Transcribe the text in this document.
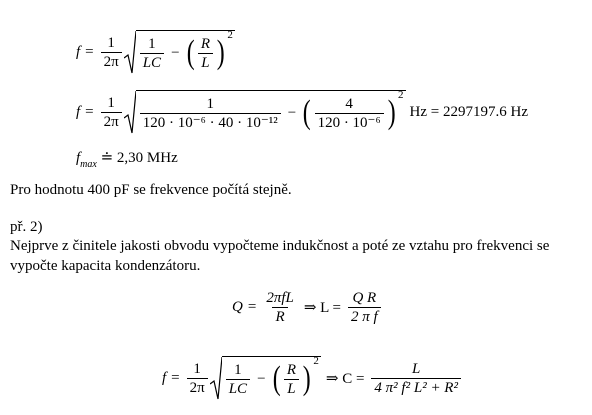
$f = \frac{1}{2\pi} \frac{1}{LC}$ − ( $\frac{R}{L}$ ) 2
$f = \frac{1}{2\pi} \frac{1}{\text{120 · 10⁻⁶ · 40 · 10⁻¹²}}$ − ( $\frac{4}{\text{120 · 10⁻⁶}}$ ) 2
Hz = 2297197.6 Hz
$f_{max}$ ≐ 2,30 MHz
Pro hodnotu 400 pF se frekvence počítá stejně.
př. 2)
Nejprve z činitele jakosti obvodu vypočteme indukčnost a poté ze vztahu pro frekvenci se
vypočte kapacita kondenzátoru.
$Q = \frac{\text{2πfL}}{R}$ ⇒ $L = \frac{\text{Q R}}{\text{2 π f}}$
$f = \frac{1}{2\pi} \frac{1}{LC}$ − ( $\frac{R}{L}$ ) 2
⇒ $C = \frac{L}{\text{4 π² f² L² + R²}}$
